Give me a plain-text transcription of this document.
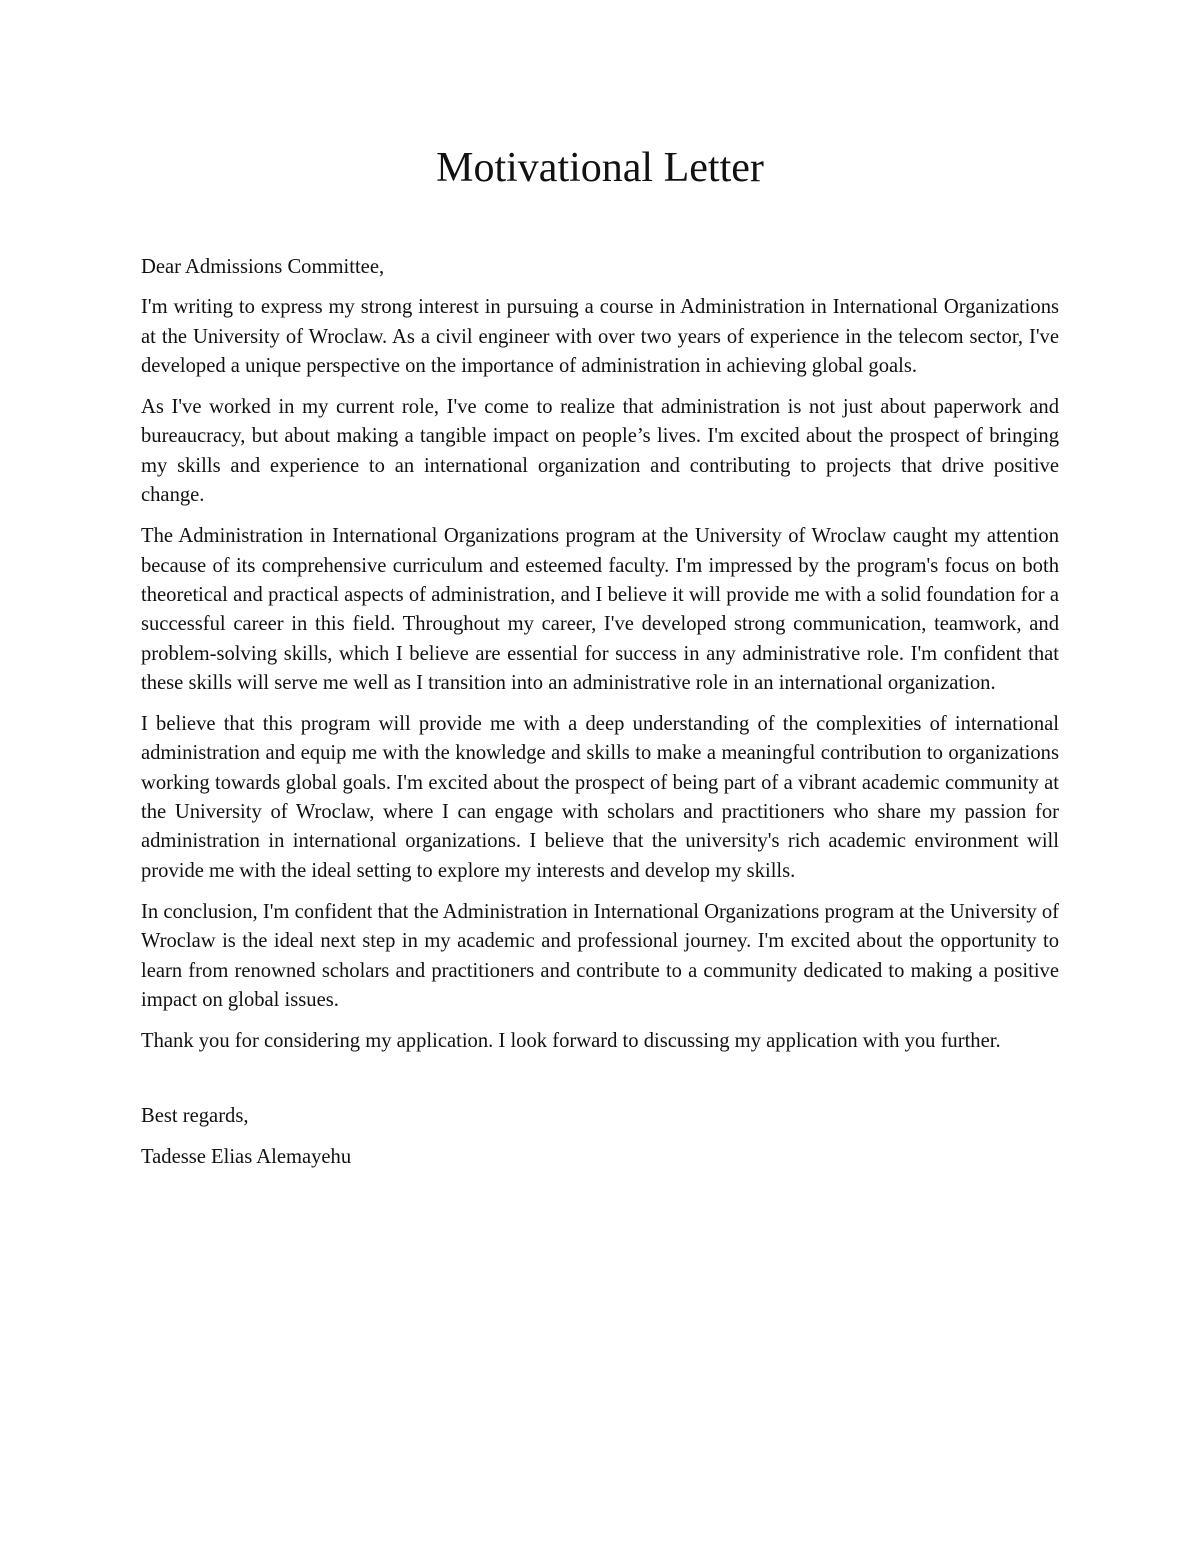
Motivational Letter

Dear Admissions Committee,

I'm writing to express my strong interest in pursuing a course in Administration in International Organizations at the University of Wroclaw. As a civil engineer with over two years of experience in the telecom sector, I've developed a unique perspective on the importance of administration in achieving global goals.

As I've worked in my current role, I've come to realize that administration is not just about paperwork and bureaucracy, but about making a tangible impact on people’s lives. I'm excited about the prospect of bringing my skills and experience to an international organization and contributing to projects that drive positive change.

The Administration in International Organizations program at the University of Wroclaw caught my attention because of its comprehensive curriculum and esteemed faculty. I'm impressed by the program's focus on both theoretical and practical aspects of administration, and I believe it will provide me with a solid foundation for a successful career in this field. Throughout my career, I've developed strong communication, teamwork, and problem-solving skills, which I believe are essential for success in any administrative role. I'm confident that these skills will serve me well as I transition into an administrative role in an international organization.

I believe that this program will provide me with a deep understanding of the complexities of international administration and equip me with the knowledge and skills to make a meaningful contribution to organizations working towards global goals. I'm excited about the prospect of being part of a vibrant academic community at the University of Wroclaw, where I can engage with scholars and practitioners who share my passion for administration in international organizations. I believe that the university's rich academic environment will provide me with the ideal setting to explore my interests and develop my skills.

In conclusion, I'm confident that the Administration in International Organizations program at the University of Wroclaw is the ideal next step in my academic and professional journey. I'm excited about the opportunity to learn from renowned scholars and practitioners and contribute to a community dedicated to making a positive impact on global issues.

Thank you for considering my application. I look forward to discussing my application with you further.

Best regards,

Tadesse Elias Alemayehu
